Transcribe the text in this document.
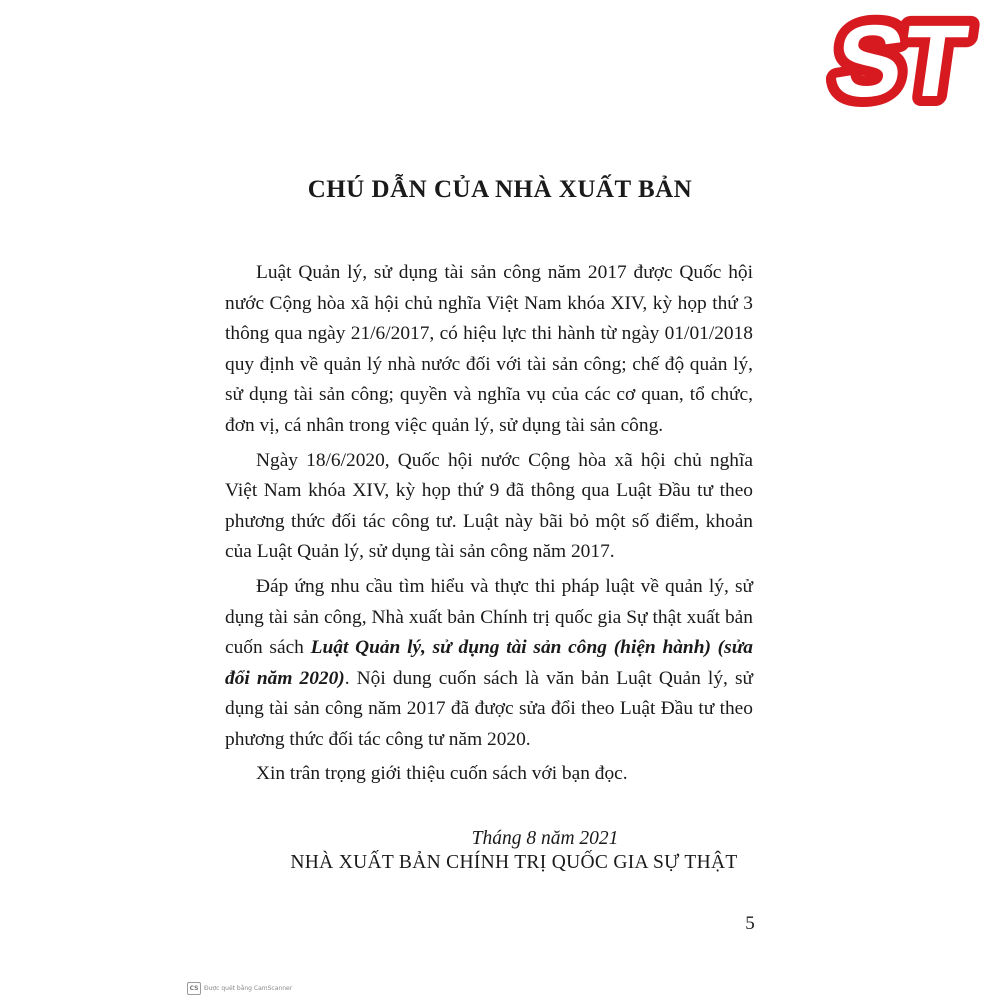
ST
CHÚ DẪN CỦA NHÀ XUẤT BẢN

Luật Quản lý, sử dụng tài sản công năm 2017 được Quốc hội nước Cộng hòa xã hội chủ nghĩa Việt Nam khóa XIV, kỳ họp thứ 3 thông qua ngày 21/6/2017, có hiệu lực thi hành từ ngày 01/01/2018 quy định về quản lý nhà nước đối với tài sản công; chế độ quản lý, sử dụng tài sản công; quyền và nghĩa vụ của các cơ quan, tổ chức, đơn vị, cá nhân trong việc quản lý, sử dụng tài sản công.

Ngày 18/6/2020, Quốc hội nước Cộng hòa xã hội chủ nghĩa Việt Nam khóa XIV, kỳ họp thứ 9 đã thông qua Luật Đầu tư theo phương thức đối tác công tư. Luật này bãi bỏ một số điểm, khoản của Luật Quản lý, sử dụng tài sản công năm 2017.

Đáp ứng nhu cầu tìm hiểu và thực thi pháp luật về quản lý, sử dụng tài sản công, Nhà xuất bản Chính trị quốc gia Sự thật xuất bản cuốn sách Luật Quản lý, sử dụng tài sản công (hiện hành) (sửa đổi năm 2020). Nội dung cuốn sách là văn bản Luật Quản lý, sử dụng tài sản công năm 2017 đã được sửa đổi theo Luật Đầu tư theo phương thức đối tác công tư năm 2020.

Xin trân trọng giới thiệu cuốn sách với bạn đọc.

Tháng 8 năm 2021
NHÀ XUẤT BẢN CHÍNH TRỊ QUỐC GIA SỰ THẬT
5
CS Được quét bằng CamScanner
